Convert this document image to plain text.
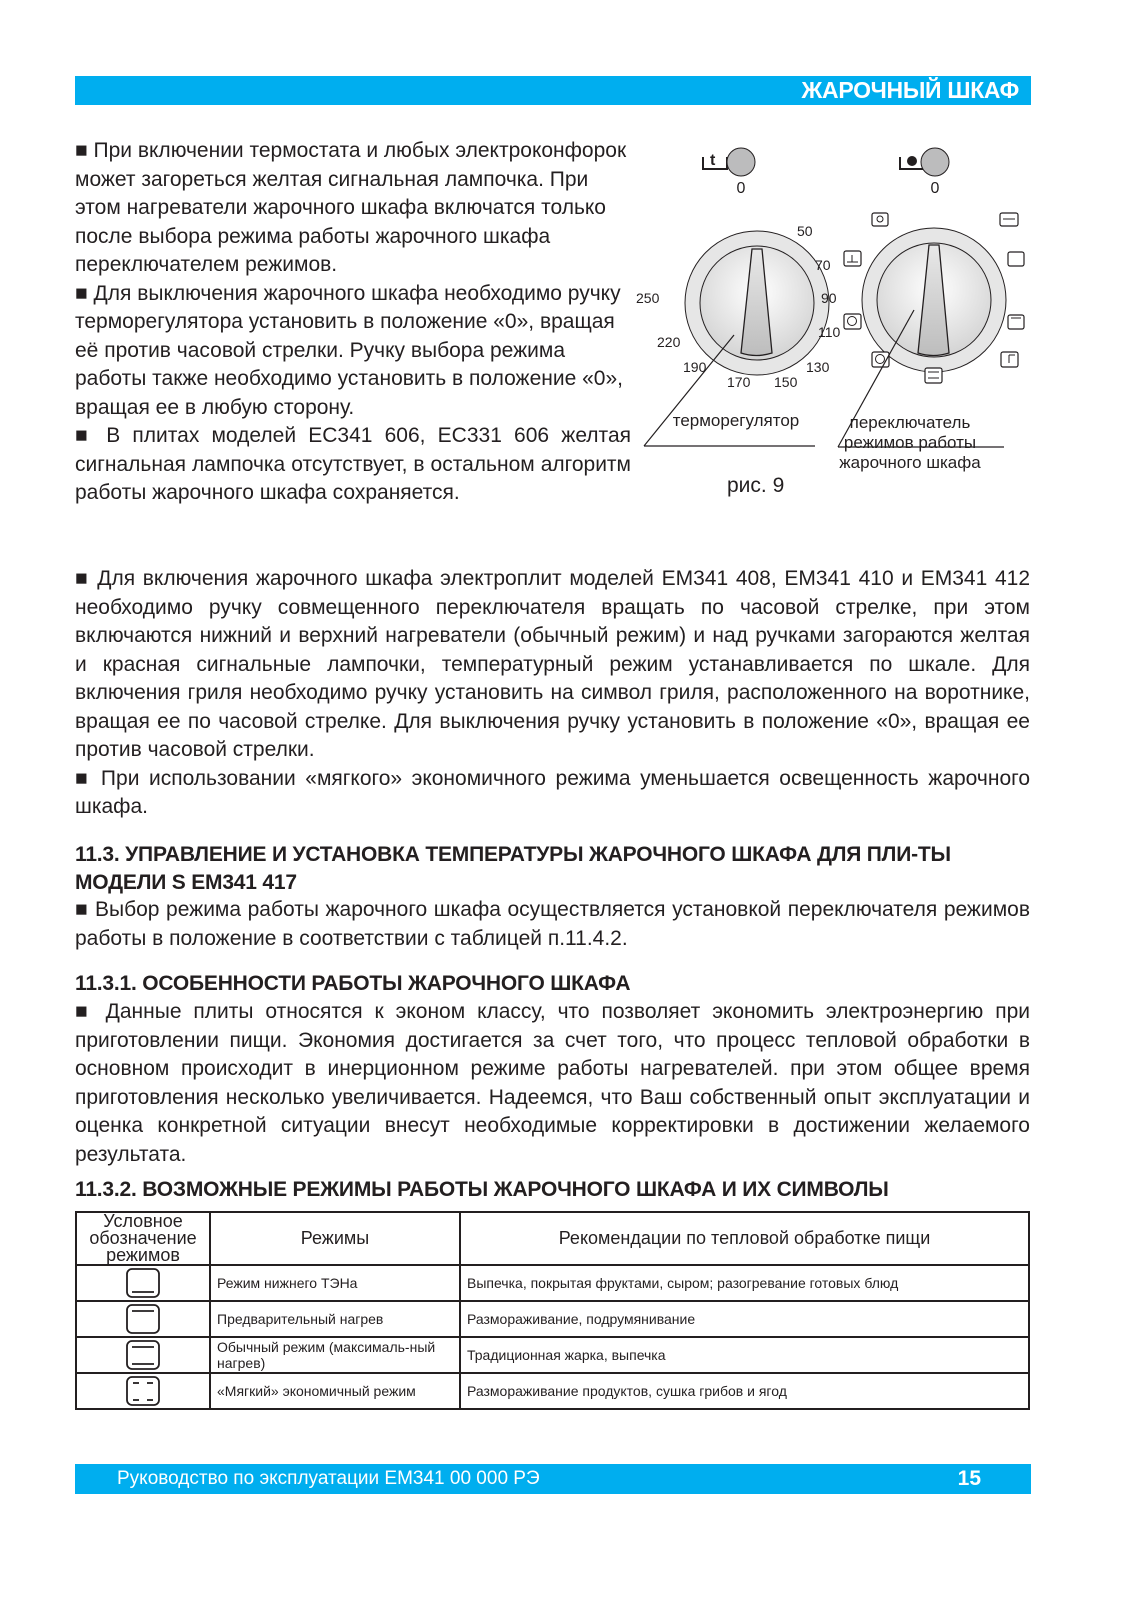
ЖАРОЧНЫЙ ШКАФ

■ При включении термостата и любых электроконфорок может загореться желтая сигнальная лампочка. При этом нагреватели жарочного шкафа включатся только после выбора режима работы жарочного шкафа переключателем режимов.

■ Для выключения жарочного шкафа необходимо ручку терморегулятора установить в положение «0», вращая её против часовой стрелки. Ручку выбора режима работы также необходимо установить в положение «0», вращая ее в любую сторону.

■ В плитах моделей ЕС341 606, ЕС331 606 желтая сигнальная лампочка отсутствует, в остальном алгоритм работы жарочного шкафа сохраняется.

t
0	0
50
70
90
110
130
150
170
190
220
250
терморегулятор	переключатель
режимов работы
жарочного шкафа
рис. 9

■ Для включения жарочного шкафа электроплит моделей ЕМ341 408, ЕМ341 410 и ЕМ341 412 необходимо ручку совмещенного переключателя вращать по часовой стрелке, при этом включаются нижний и верхний нагреватели (обычный режим) и над ручками загораются желтая и красная сигнальные лампочки, температурный режим устанавливается по шкале. Для включения гриля необходимо ручку установить на символ гриля, расположенного на воротнике, вращая ее по часовой стрелке. Для выключения ручку установить в положение «0», вращая ее против часовой стрелки.

■ При использовании «мягкого» экономичного режима уменьшается освещенность жарочного шкафа.

11.3. УПРАВЛЕНИЕ И УСТАНОВКА ТЕМПЕРАТУРЫ ЖАРОЧНОГО ШКАФА ДЛЯ ПЛИ-ТЫ МОДЕЛИ S ЕМ341 417
■ Выбор режима работы жарочного шкафа осуществляется установкой переключателя режимов работы в положение в соответствии с таблицей п.11.4.2.
11.3.1. ОСОБЕННОСТИ РАБОТЫ ЖАРОЧНОГО ШКАФА
■ Данные плиты относятся к эконом классу, что позволяет экономить электроэнергию при приготовлении пищи. Экономия достигается за счет того, что процесс тепловой обработки в основном происходит в инерционном режиме работы нагревателей. при этом общее время приготовления несколько увеличивается. Надеемся, что Ваш собственный опыт эксплуатации и оценка конкретной ситуации внесут необходимые корректировки в достижении желаемого результата.
11.3.2. ВОЗМОЖНЫЕ РЕЖИМЫ РАБОТЫ ЖАРОЧНОГО ШКАФА И ИХ СИМВОЛЫ
Условное обозначение режимов	Режимы	Рекомендации по тепловой обработке пищи

	Режим нижнего ТЭНа	Выпечка, покрытая фруктами, сыром; разогревание готовых блюд

	Предварительный нагрев	Размораживание, подрумянивание

	Обычный режим (максималь-ный нагрев)	Традиционная жарка, выпечка

	«Мягкий» экономичный режим	Размораживание продуктов, сушка грибов и ягод
Руководство по эксплуатации ЕМ341 00 000 РЭ	15
